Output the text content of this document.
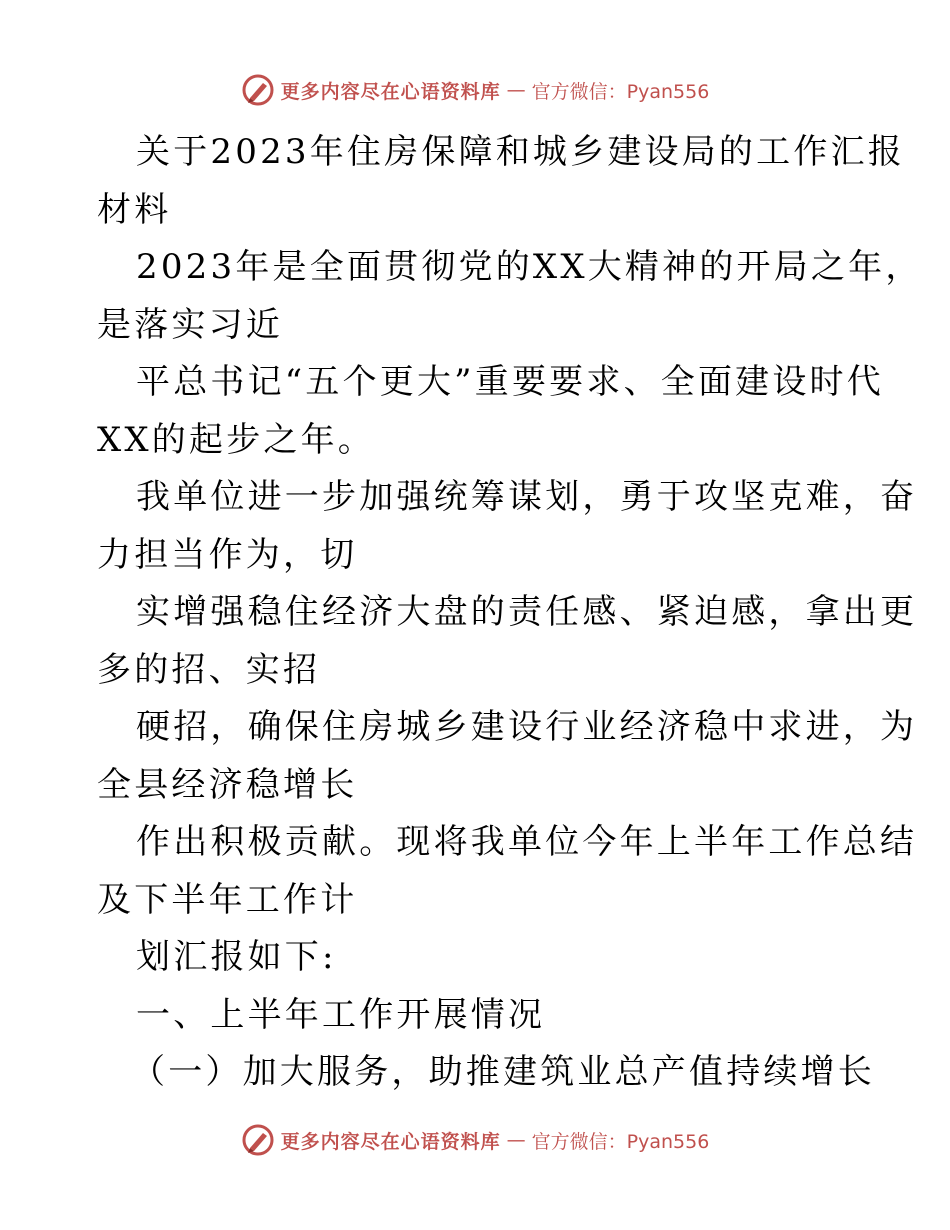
更多内容尽在心语资料库 — 官方微信：Pyan556
关于2023年住房保障和城乡建设局的工作汇报
材料
2023年是全面贯彻党的XX大精神的开局之年，
是落实习近
平总书记“五个更大”重要要求、全面建设时代
XX的起步之年。
我单位进一步加强统筹谋划，勇于攻坚克难，奋
力担当作为，切
实增强稳住经济大盘的责任感、紧迫感，拿出更
多的招、实招
硬招，确保住房城乡建设行业经济稳中求进，为
全县经济稳增长
作出积极贡献。现将我单位今年上半年工作总结
及下半年工作计
划汇报如下:
一、上半年工作开展情况
（一）加大服务，助推建筑业总产值持续增长
更多内容尽在心语资料库 — 官方微信：Pyan556
